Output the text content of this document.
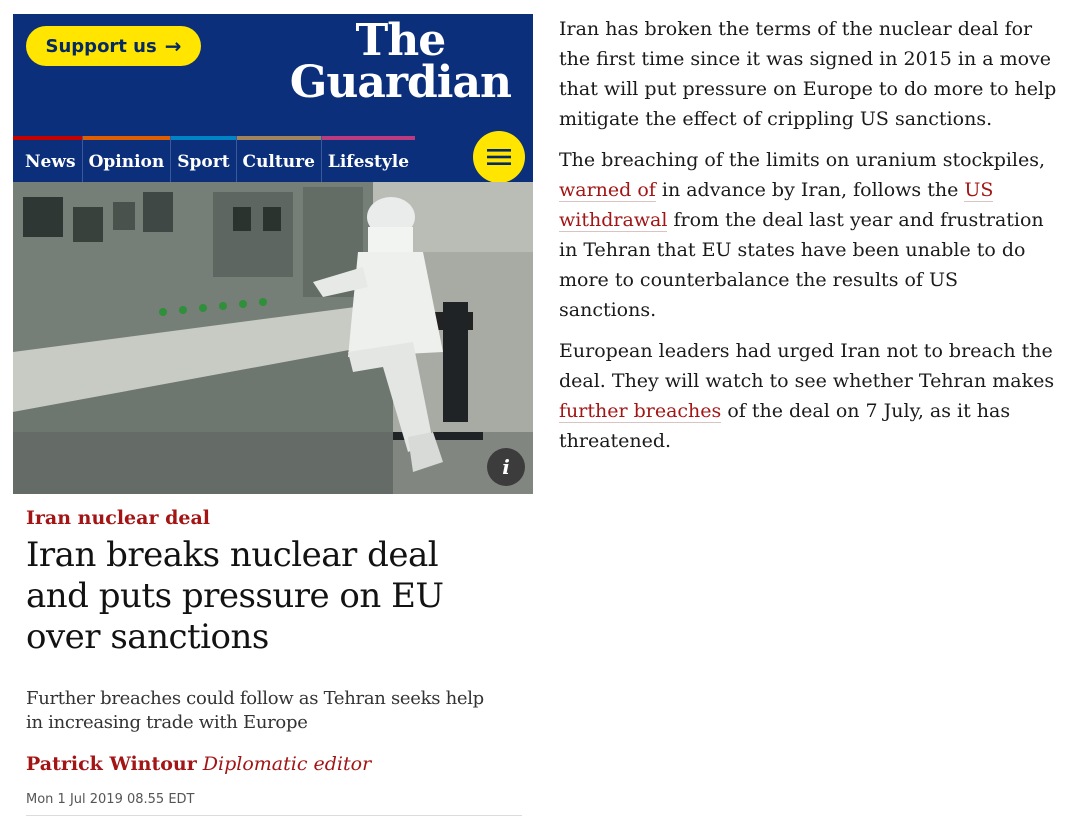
Support us →	The
Guardian
News Opinion Sport Culture Lifestyle
i
Iran nuclear deal
Iran breaks nuclear deal and puts pressure on EU over sanctions
Further breaches could follow as Tehran seeks help in increasing trade with Europe
Patrick Wintour Diplomatic editor
Mon 1 Jul 2019 08.55 EDT

Iran has broken the terms of the nuclear deal for the first time since it was signed in 2015 in a move that will put pressure on Europe to do more to help mitigate the effect of crippling US sanctions.

The breaching of the limits on uranium stockpiles, warned of in advance by Iran, follows the US withdrawal from the deal last year and frustration in Tehran that EU states have been unable to do more to counterbalance the results of US sanctions.

European leaders had urged Iran not to breach the deal. They will watch to see whether Tehran makes further breaches of the deal on 7 July, as it has threatened.
